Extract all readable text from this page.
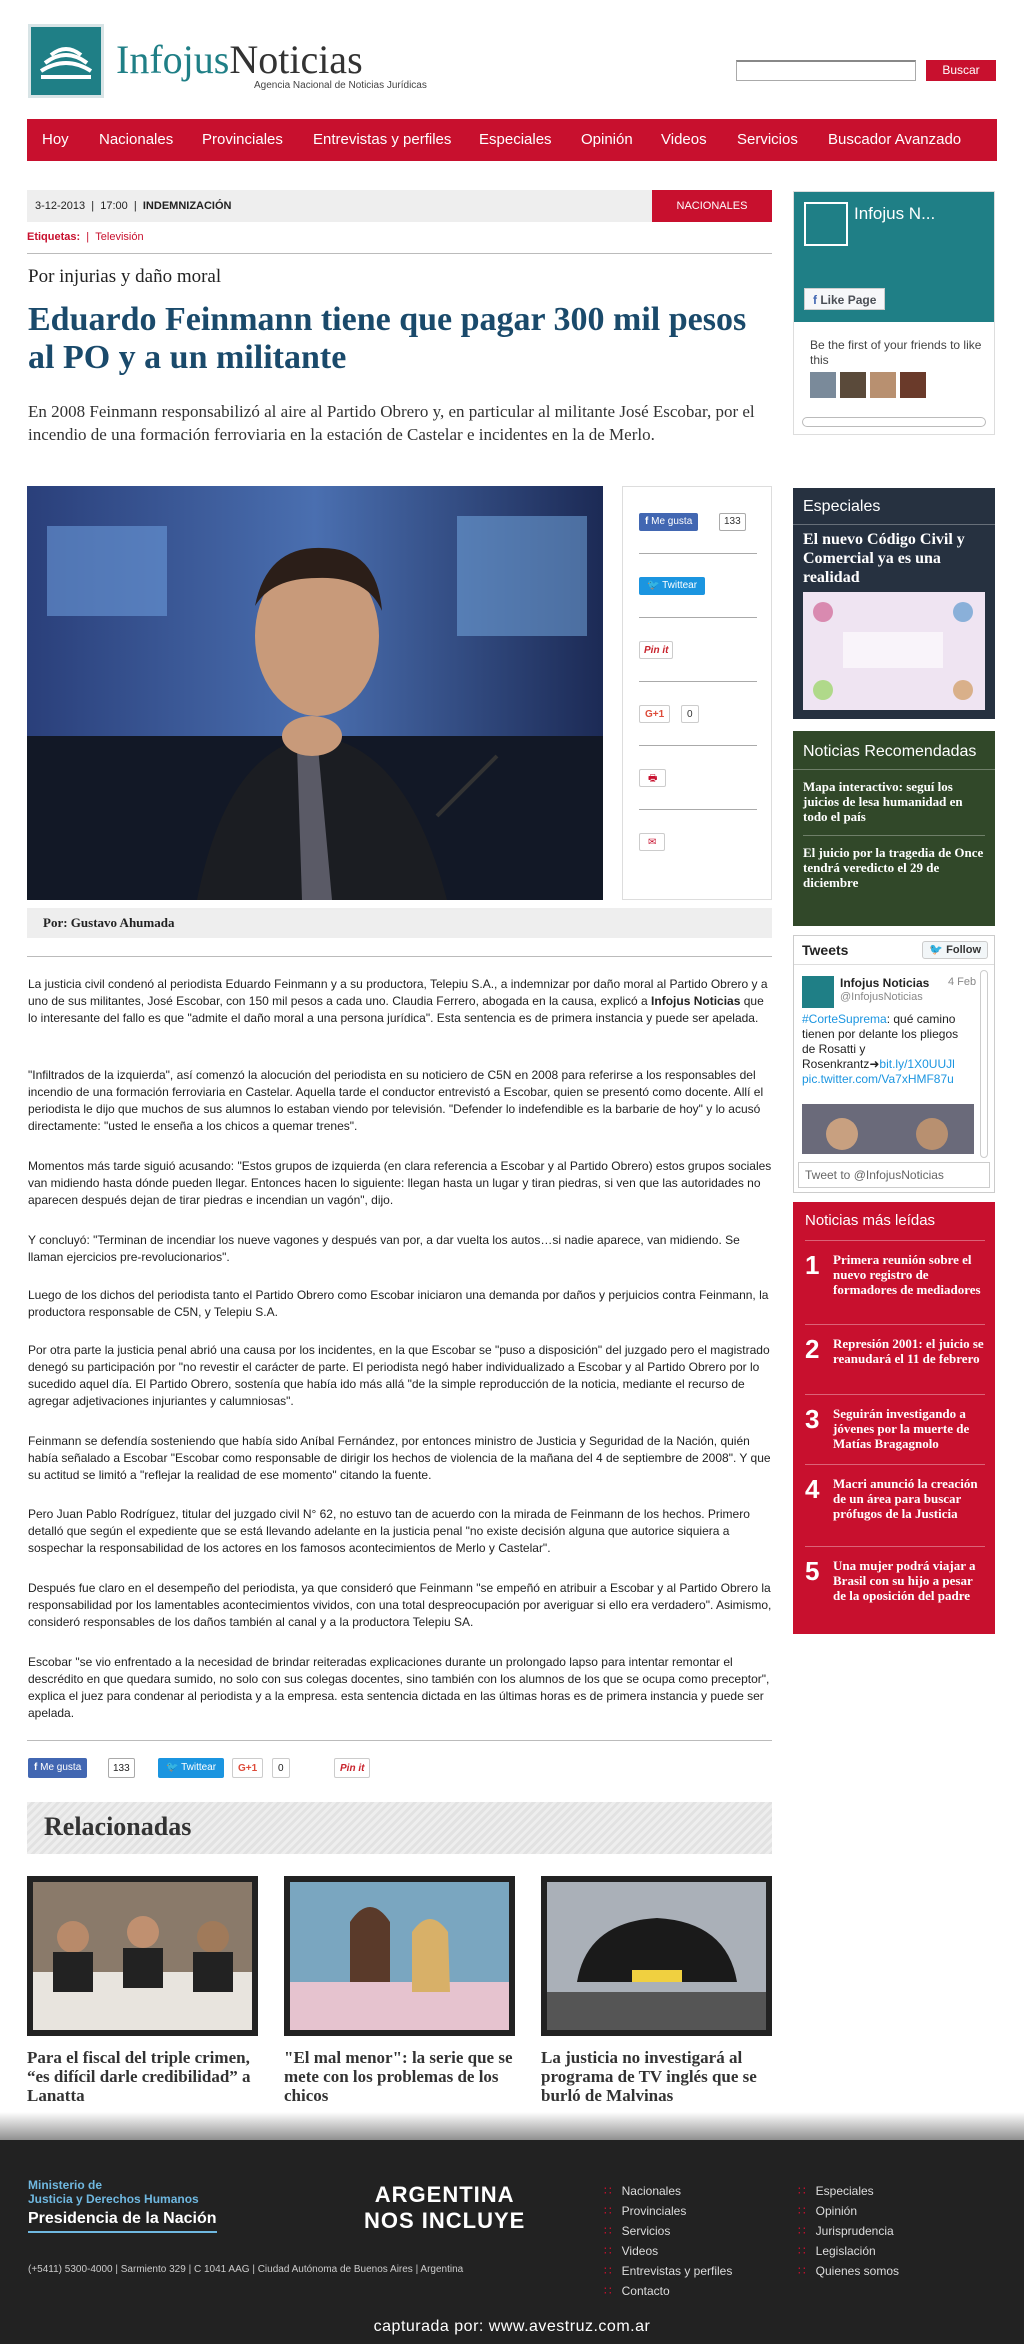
InfojusNoticias
Agencia Nacional de Noticias Jurídicas
Buscar
Hoy Nacionales Provinciales Entrevistas y perfiles Especiales Opinión Videos Servicios Buscador Avanzado
3-12-2013  |  17:00  |  INDEMNIZACIÓN	NACIONALES
Etiquetas:  |  Televisión
Por injurias y daño moral
Eduardo Feinmann tiene que pagar 300 mil pesos al PO y a un militante
En 2008 Feinmann responsabilizó al aire al Partido Obrero y, en particular al militante José Escobar, por el incendio de una formación ferroviaria en la estación de Castelar e incidentes en la de Merlo.
f Me gusta	133
🐦 Twittear
Pin it
G+1	0
🖶
✉
Por: Gustavo Ahumada
La justicia civil condenó al periodista Eduardo Feinmann y a su productora, Telepiu S.A., a indemnizar por daño moral al Partido Obrero y a uno de sus militantes, José Escobar, con 150 mil pesos a cada uno. Claudia Ferrero, abogada en la causa, explicó a Infojus Noticias que lo interesante del fallo es que "admite el daño moral a una persona jurídica". Esta sentencia es de primera instancia y puede ser apelada.
"Infiltrados de la izquierda", así comenzó la alocución del periodista en su noticiero de C5N en 2008 para referirse a los responsables del incendio de una formación ferroviaria en Castelar. Aquella tarde el conductor entrevistó a Escobar, quien se presentó como docente. Allí el periodista le dijo que muchos de sus alumnos lo estaban viendo por televisión. "Defender lo indefendible es la barbarie de hoy" y lo acusó directamente: "usted le enseña a los chicos a quemar trenes".
Momentos más tarde siguió acusando: "Estos grupos de izquierda (en clara referencia a Escobar y al Partido Obrero) estos grupos sociales van midiendo hasta dónde pueden llegar. Entonces hacen lo siguiente: llegan hasta un lugar y tiran piedras, si ven que las autoridades no aparecen después dejan de tirar piedras e incendian un vagón", dijo.
Y concluyó: "Terminan de incendiar los nueve vagones y después van por, a dar vuelta los autos…si nadie aparece, van midiendo. Se llaman ejercicios pre-revolucionarios".
Luego de los dichos del periodista tanto el Partido Obrero como Escobar iniciaron una demanda por daños y perjuicios contra Feinmann, la productora responsable de C5N, y Telepiu S.A.
Por otra parte la justicia penal abrió una causa por los incidentes, en la que Escobar se "puso a disposición" del juzgado pero el magistrado denegó su participación por "no revestir el carácter de parte. El periodista negó haber individualizado a Escobar y al Partido Obrero por lo sucedido aquel día. El Partido Obrero, sostenía que había ido más allá "de la simple reproducción de la noticia, mediante el recurso de agregar adjetivaciones injuriantes y calumniosas".
Feinmann se defendía sosteniendo que había sido Aníbal Fernández, por entonces ministro de Justicia y Seguridad de la Nación, quién había señalado a Escobar "Escobar como responsable de dirigir los hechos de violencia de la mañana del 4 de septiembre de 2008". Y que su actitud se limitó a "reflejar la realidad de ese momento" citando la fuente.
Pero Juan Pablo Rodríguez, titular del juzgado civil N° 62, no estuvo tan de acuerdo con la mirada de Feinmann de los hechos. Primero detalló que según el expediente que se está llevando adelante en la justicia penal "no existe decisión alguna que autorice siquiera a sospechar la responsabilidad de los actores en los famosos acontecimientos de Merlo y Castelar".
Después fue claro en el desempeño del periodista, ya que consideró que Feinmann "se empeñó en atribuir a Escobar y al Partido Obrero la responsabilidad por los lamentables acontecimientos vividos, con una total despreocupación por averiguar si ello era verdadero". Asimismo, consideró responsables de los daños también al canal y a la productora Telepiu SA.
Escobar "se vio enfrentado a la necesidad de brindar reiteradas explicaciones durante un prolongado lapso para intentar remontar el descrédito en que quedara sumido, no solo con sus colegas docentes, sino también con los alumnos de los que se ocupa como preceptor", explica el juez para condenar al periodista y a la empresa. esta sentencia dictada en las últimas horas es de primera instancia y puede ser apelada.
f Me gusta	133	🐦 Twittear	G+1	0	Pin it
Relacionadas
Para el fiscal del triple crimen, “es difícil darle credibilidad” a Lanatta
"El mal menor": la serie que se mete con los problemas de los chicos
La justicia no investigará al programa de TV inglés que se burló de Malvinas
Infojus N...
f Like Page
Be the first of your friends to like this
Especiales
El nuevo Código Civil y Comercial ya es una realidad
Noticias Recomendadas
Mapa interactivo: seguí los juicios de lesa humanidad en todo el país
El juicio por la tragedia de Once tendrá veredicto el 29 de diciembre
Tweets	🐦 Follow
Infojus Noticias 4 Feb
@InfojusNoticias
#CorteSuprema: qué camino tienen por delante los pliegos de Rosatti y Rosenkrantz➜bit.ly/1X0UUJl
pic.twitter.com/Va7xHMF87u
Tweet to @InfojusNoticias
Noticias más leídas
1 Primera reunión sobre el nuevo registro de formadores de mediadores
2 Represión 2001: el juicio se reanudará el 11 de febrero
3 Seguirán investigando a jóvenes por la muerte de Matías Bragagnolo
4 Macri anunció la creación de un área para buscar prófugos de la Justicia
5 Una mujer podrá viajar a Brasil con su hijo a pesar de la oposición del padre
Ministerio de
Justicia y Derechos Humanos
Presidencia de la Nación
ARGENTINA
NOS INCLUYE
(+5411) 5300-4000 | Sarmiento 329 | C 1041 AAG | Ciudad Autónoma de Buenos Aires | Argentina
∷ Nacionales
∷ Provinciales
∷ Servicios
∷ Videos
∷ Entrevistas y perfiles
∷ Contacto
∷ Especiales
∷ Opinión
∷ Jurisprudencia
∷ Legislación
∷ Quienes somos
capturada por: www.avestruz.com.ar
